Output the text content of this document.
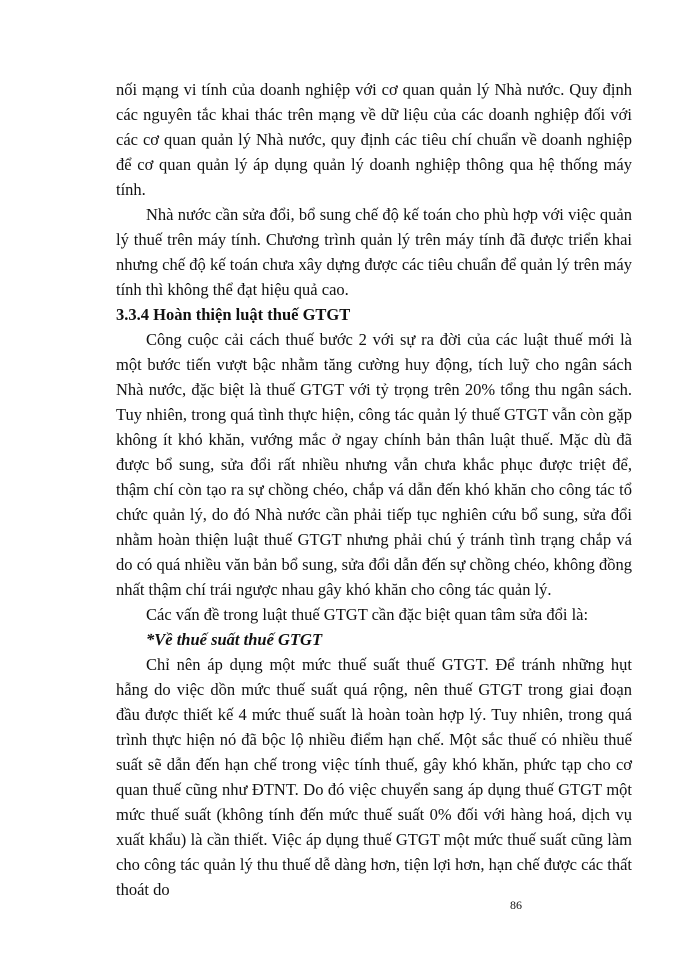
nối mạng vi tính của doanh nghiệp với cơ quan quản lý Nhà nước. Quy định các nguyên tắc khai thác trên mạng về dữ liệu của các doanh nghiệp đối với các cơ quan quản lý Nhà nước, quy định các tiêu chí chuẩn về doanh nghiệp để cơ quan quản lý áp dụng quản lý doanh nghiệp thông qua hệ thống máy tính.

Nhà nước cần sửa đổi, bổ sung chế độ kế toán cho phù hợp với việc quản lý thuế trên máy tính. Chương trình quản lý trên máy tính đã được triển khai nhưng chế độ kế toán chưa xây dựng được các tiêu chuẩn để quản lý trên máy tính thì không thể đạt hiệu quả cao.

3.3.4 Hoàn thiện luật thuế GTGT

Công cuộc cải cách thuế bước 2 với sự ra đời của các luật thuế mới là một bước tiến vượt bậc nhằm tăng cường huy động, tích luỹ cho ngân sách Nhà nước, đặc biệt là thuế GTGT với tỷ trọng trên 20% tổng thu ngân sách. Tuy nhiên, trong quá tình thực hiện, công tác quản lý thuế GTGT vẫn còn gặp không ít khó khăn, vướng mắc ở ngay chính bản thân luật thuế. Mặc dù đã được bổ sung, sửa đổi rất nhiều nhưng vẫn chưa khắc phục được triệt để, thậm chí còn tạo ra sự chồng chéo, chắp vá dẫn đến khó khăn cho công tác tổ chức quản lý, do đó Nhà nước cần phải tiếp tục nghiên cứu bổ sung, sửa đổi nhằm hoàn thiện luật thuế GTGT nhưng phải chú ý tránh tình trạng chắp vá do có quá nhiều văn bản bổ sung, sửa đổi dẫn đến sự chồng chéo, không đồng nhất thậm chí trái ngược nhau gây khó khăn cho công tác quản lý.

Các vấn đề trong luật thuế GTGT cần đặc biệt quan tâm sửa đổi là:

*Về thuế suất thuế GTGT

Chỉ nên áp dụng một mức thuế suất thuế GTGT. Để tránh những hụt hẫng do việc dồn mức thuế suất quá rộng, nên thuế GTGT trong giai đoạn đầu được thiết kế 4 mức thuế suất là hoàn toàn hợp lý. Tuy nhiên, trong quá trình thực hiện nó đã bộc lộ nhiều điểm hạn chế. Một sắc thuế có nhiều thuế suất sẽ dẫn đến hạn chế trong việc tính thuế, gây khó khăn, phức tạp cho cơ quan thuế cũng như ĐTNT. Do đó việc chuyển sang áp dụng thuế GTGT một mức thuế suất (không tính đến mức thuế suất 0% đối với hàng hoá, dịch vụ xuất khẩu) là cần thiết. Việc áp dụng thuế GTGT một mức thuế suất cũng làm cho công tác quản lý thu thuế dễ dàng hơn, tiện lợi hơn, hạn chế được các thất thoát do

86
